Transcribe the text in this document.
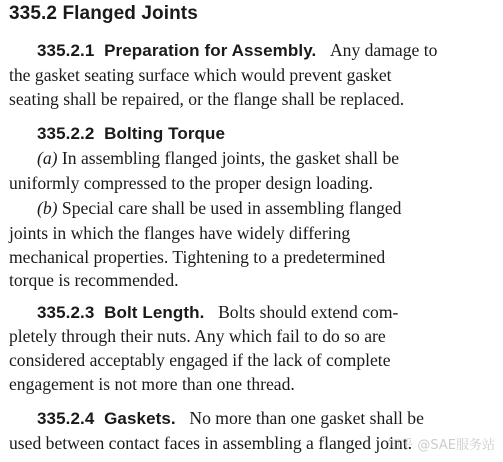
335.2 Flanged Joints
335.2.1 Preparation for Assembly. Any damage to
the gasket seating surface which would prevent gasket
seating shall be repaired, or the flange shall be replaced.
335.2.2 Bolting Torque
(a) In assembling flanged joints, the gasket shall be
uniformly compressed to the proper design loading.
(b) Special care shall be used in assembling flanged
joints in which the flanges have widely differing
mechanical properties. Tightening to a predetermined
torque is recommended.
335.2.3 Bolt Length. Bolts should extend com-
pletely through their nuts. Any which fail to do so are
considered acceptably engaged if the lack of complete
engagement is not more than one thread.
335.2.4 Gaskets. No more than one gasket shall be
used between contact faces in assembling a flanged joint.
知乎 @SAE服务站
